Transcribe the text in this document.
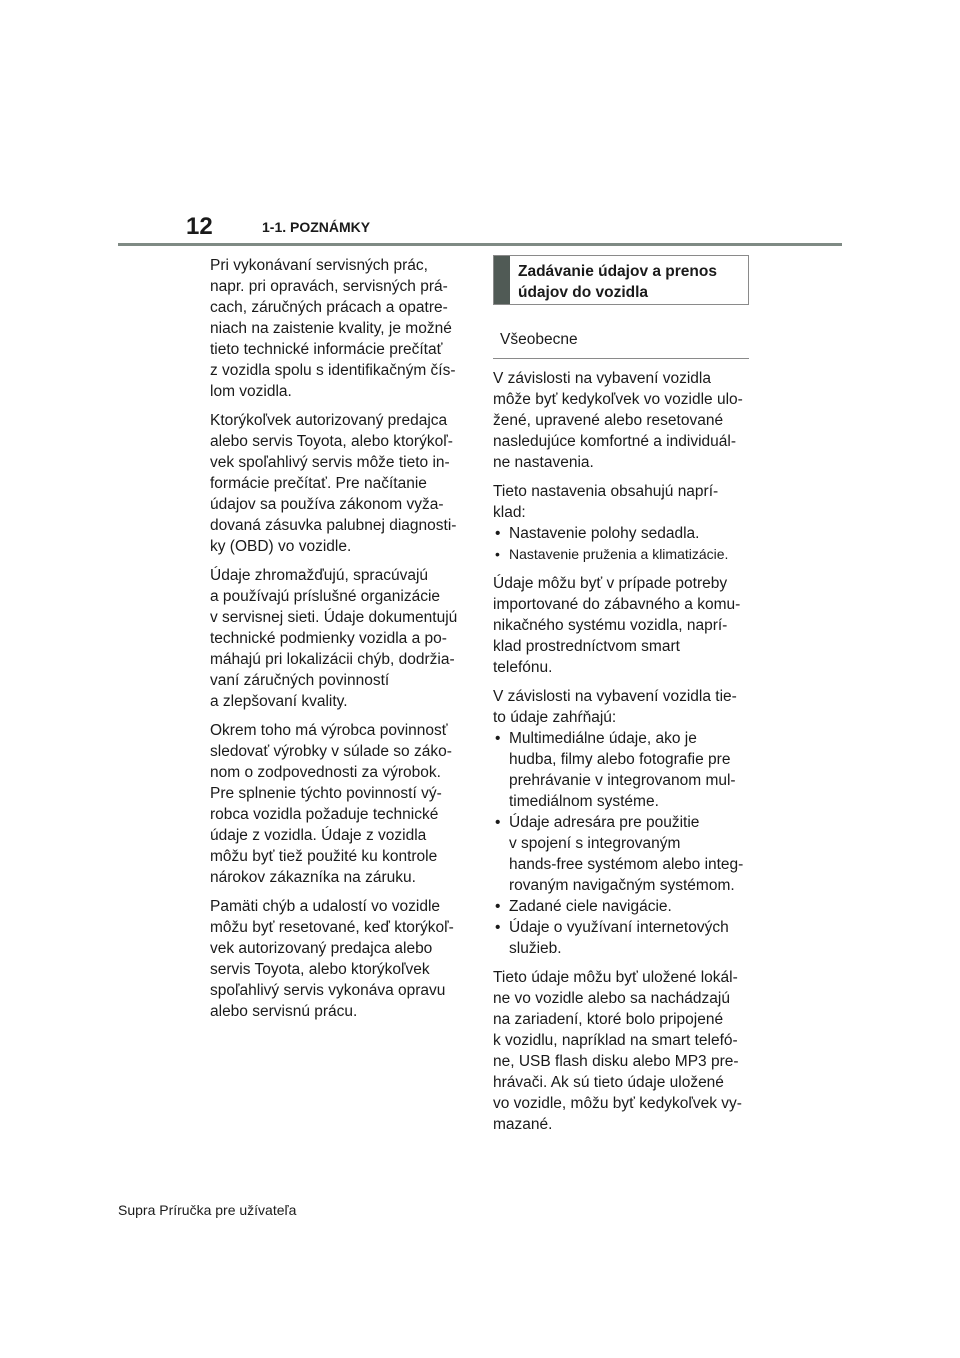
12	1-1. POZNÁMKY

Pri vykonávaní servisných prác,
napr. pri opravách, servisných prá-
cach, záručných prácach a opatre-
niach na zaistenie kvality, je možné
tieto technické informácie prečítať
z vozidla spolu s identifikačným čís-
lom vozidla.

Ktorýkoľvek autorizovaný predajca
alebo servis Toyota, alebo ktorýkoľ-
vek spoľahlivý servis môže tieto in-
formácie prečítať. Pre načítanie
údajov sa používa zákonom vyža-
dovaná zásuvka palubnej diagnosti-
ky (OBD) vo vozidle.

Údaje zhromažďujú, spracúvajú
a používajú príslušné organizácie
v servisnej sieti. Údaje dokumentujú
technické podmienky vozidla a po-
máhajú pri lokalizácii chýb, dodržia-
vaní záručných povinností
a zlepšovaní kvality.

Okrem toho má výrobca povinnosť
sledovať výrobky v súlade so záko-
nom o zodpovednosti za výrobok.
Pre splnenie týchto povinností vý-
robca vozidla požaduje technické
údaje z vozidla. Údaje z vozidla
môžu byť tiež použité ku kontrole
nárokov zákazníka na záruku.

Pamäti chýb a udalostí vo vozidle
môžu byť resetované, keď ktorýkoľ-
vek autorizovaný predajca alebo
servis Toyota, alebo ktorýkoľvek
spoľahlivý servis vykonáva opravu
alebo servisnú prácu.

Zadávanie údajov a prenos
údajov do vozidla
Všeobecne

V závislosti na vybavení vozidla
môže byť kedykoľvek vo vozidle ulo-
žené, upravené alebo resetované
nasledujúce komfortné a individuál-
ne nastavenia.

Tieto nastavenia obsahujú naprí-
klad:

• Nastavenie polohy sedadla.
• Nastavenie pruženia a klimatizácie.

Údaje môžu byť v prípade potreby
importované do zábavného a komu-
nikačného systému vozidla, naprí-
klad prostredníctvom smart
telefónu.

V závislosti na vybavení vozidla tie-
to údaje zahŕňajú:

• Multimediálne údaje, ako je
hudba, filmy alebo fotografie pre
prehrávanie v integrovanom mul-
timediálnom systéme.
• Údaje adresára pre použitie
v spojení s integrovaným
hands-free systémom alebo integ-
rovaným navigačným systémom.
• Zadané ciele navigácie.
• Údaje o využívaní internetových
služieb.

Tieto údaje môžu byť uložené lokál-
ne vo vozidle alebo sa nachádzajú
na zariadení, ktoré bolo pripojené
k vozidlu, napríklad na smart telefó-
ne, USB flash disku alebo MP3 pre-
hrávači. Ak sú tieto údaje uložené
vo vozidle, môžu byť kedykoľvek vy-
mazané.

Supra Príručka pre užívateľa
